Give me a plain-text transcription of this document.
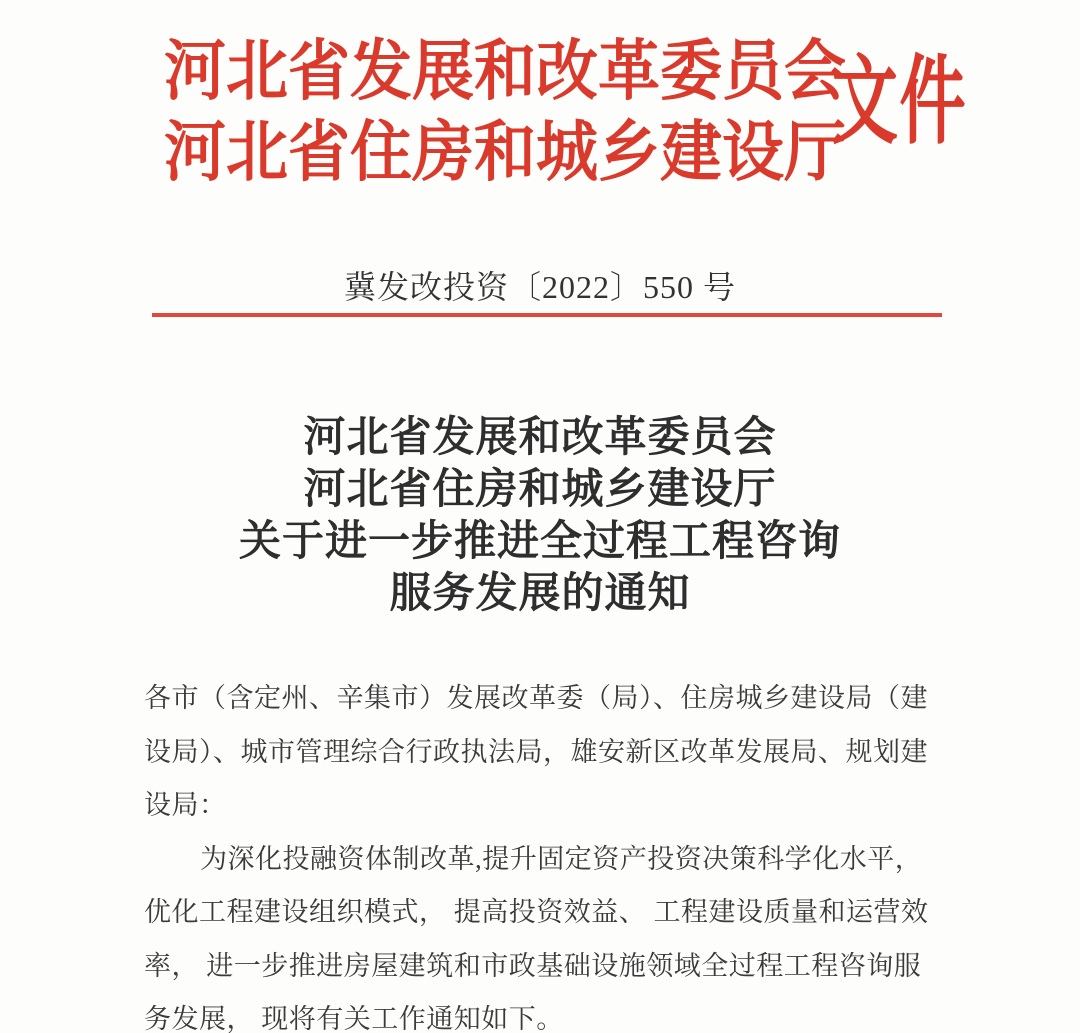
河北省发展和改革委员会
河北省住房和城乡建设厅
文件
冀发改投资〔2022〕550 号
河北省发展和改革委员会
河北省住房和城乡建设厅
关于进一步推进全过程工程咨询
服务发展的通知
各市（含定州、辛集市）发展改革委（局）、住房城乡建设局（建
设局）、城市管理综合行政执法局，雄安新区改革发展局、规划建
设局：
为深化投融资体制改革,提升固定资产投资决策科学化水平，
优化工程建设组织模式， 提高投资效益、 工程建设质量和运营效
率， 进一步推进房屋建筑和市政基础设施领域全过程工程咨询服
务发展， 现将有关工作通知如下。
